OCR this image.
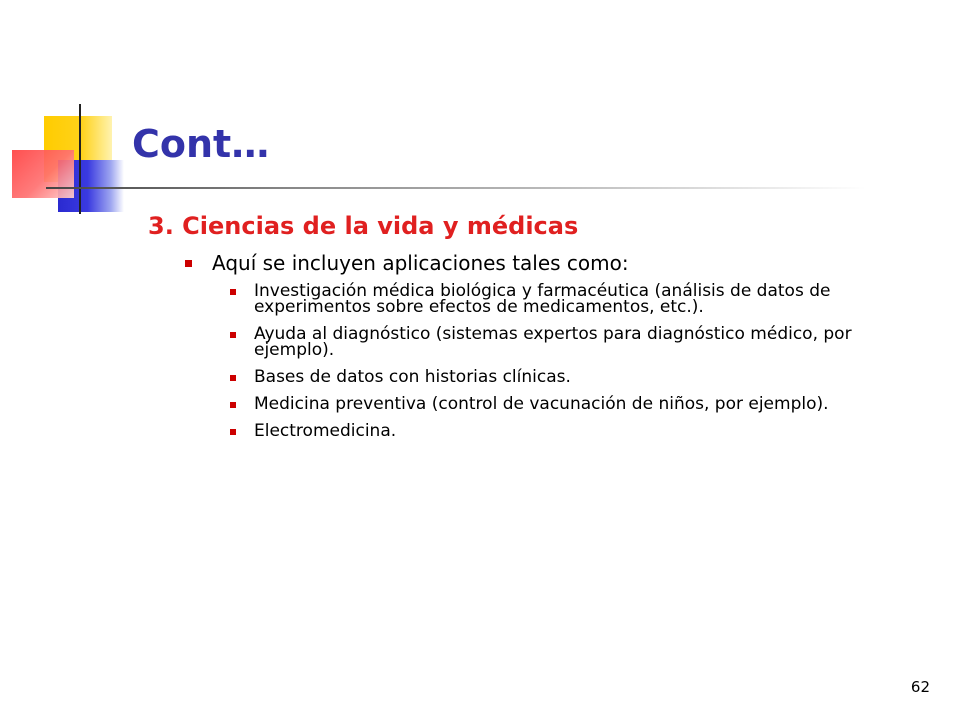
Cont…
3. Ciencias de la vida y médicas
Aquí se incluyen aplicaciones tales como:
Investigación médica biológica y farmacéutica (análisis de datos de experimentos sobre efectos de medicamentos, etc.).
Ayuda al diagnóstico (sistemas expertos para diagnóstico médico, por ejemplo).
Bases de datos con historias clínicas.
Medicina preventiva (control de vacunación de niños, por ejemplo).
Electromedicina.
62
